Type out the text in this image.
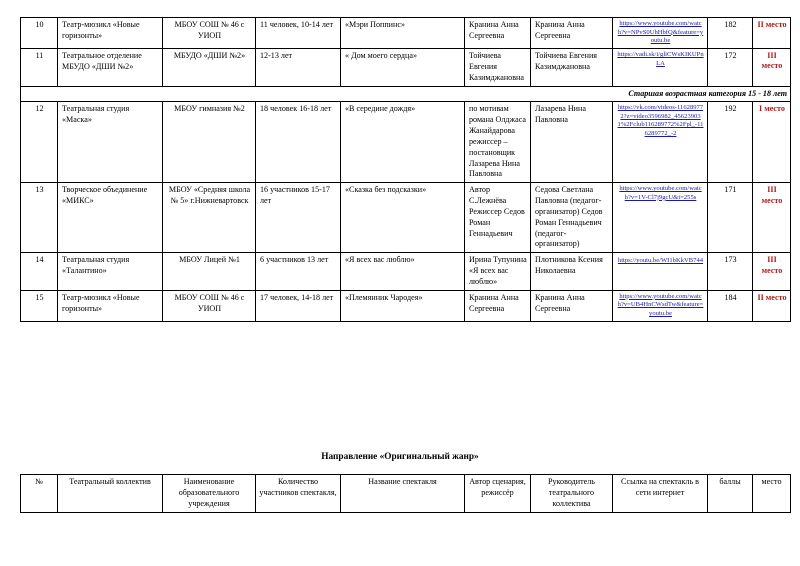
10	Театр-мюзикл «Новые горизонты»	МБОУ СОШ № 46 с УИОП	11 человек, 10-14 лет	«Мэри Поппинс»	Кранина Анна Сергеевна	Кранина Анна Сергеевна	https://www.youtube.com/watch?v=NPvS0UhHbfQ&feature=youtu.be	182	II место

11	Театральное отделение МБУДО «ДШИ №2»	МБУДО «ДШИ №2»	12-13 лет	« Дом моего сердца»	Тойчиева Евгения Казимджановна	Тойчиева Евгения Казимджановна	https://vadi.sk/i/gliCWsKIKUPnLA	172	III место

Старшая возрастная категория 15 - 18 лет									
12	Театральная студия «Маска»	МБОУ гимназия №2	18 человек 16-18 лет	«В середине дождя»	по мотивам романа Олджаса Жанайдарова режиссер – постановщик Лазарева Нина Павловна	Лазарева Нина Павловна	https://vk.com/videos-116289772?z=video3596982_456239031%2Fclub116289772%2Fpl_-116289772_-2	192	I место

13	Творческое объединение «МИКС»	МБОУ «Средняя школа № 5» г.Нижневартовск	16 участников 15-17 лет	«Сказка без подсказки»	Автор С.Лежнёва Режиссер Седов Роман Геннадьевич	Седова Светлана Павловна (педагог-организатор) Седов Роман Геннадьевич (педагог-организатор)	https://www.youtube.com/watch?v=1V-Cl7j9gcU&t=255s	171	III место

14	Театральная студия «Талантино»	МБОУ Лицей №1	6 участников 13 лет	«Я всех вас люблю»	Ирина Тупунина «Я всех вас люблю»	Плотникова Ксения Николаевна	https://youtu.be/WI1bKkVB744	173	III место

15	Театр-мюзикл «Новые горизонты»	МБОУ СОШ № 46 с УИОП	17 человек, 14-18 лет	«Племянник Чародея»	Кранина Анна Сергеевна	Кранина Анна Сергеевна	https://www.youtube.com/watch?v=UB4HnCWsdTw&feature=youtu.be	184	II место
Направление «Оригинальный жанр»
№	Театральный коллектив	Наименование образовательного учреждения	Количество участников спектакля,	Название спектакля	Автор сценария, режиссёр	Руководитель театрального коллектива	Ссылка на спектакль в сети интернет	баллы	место
